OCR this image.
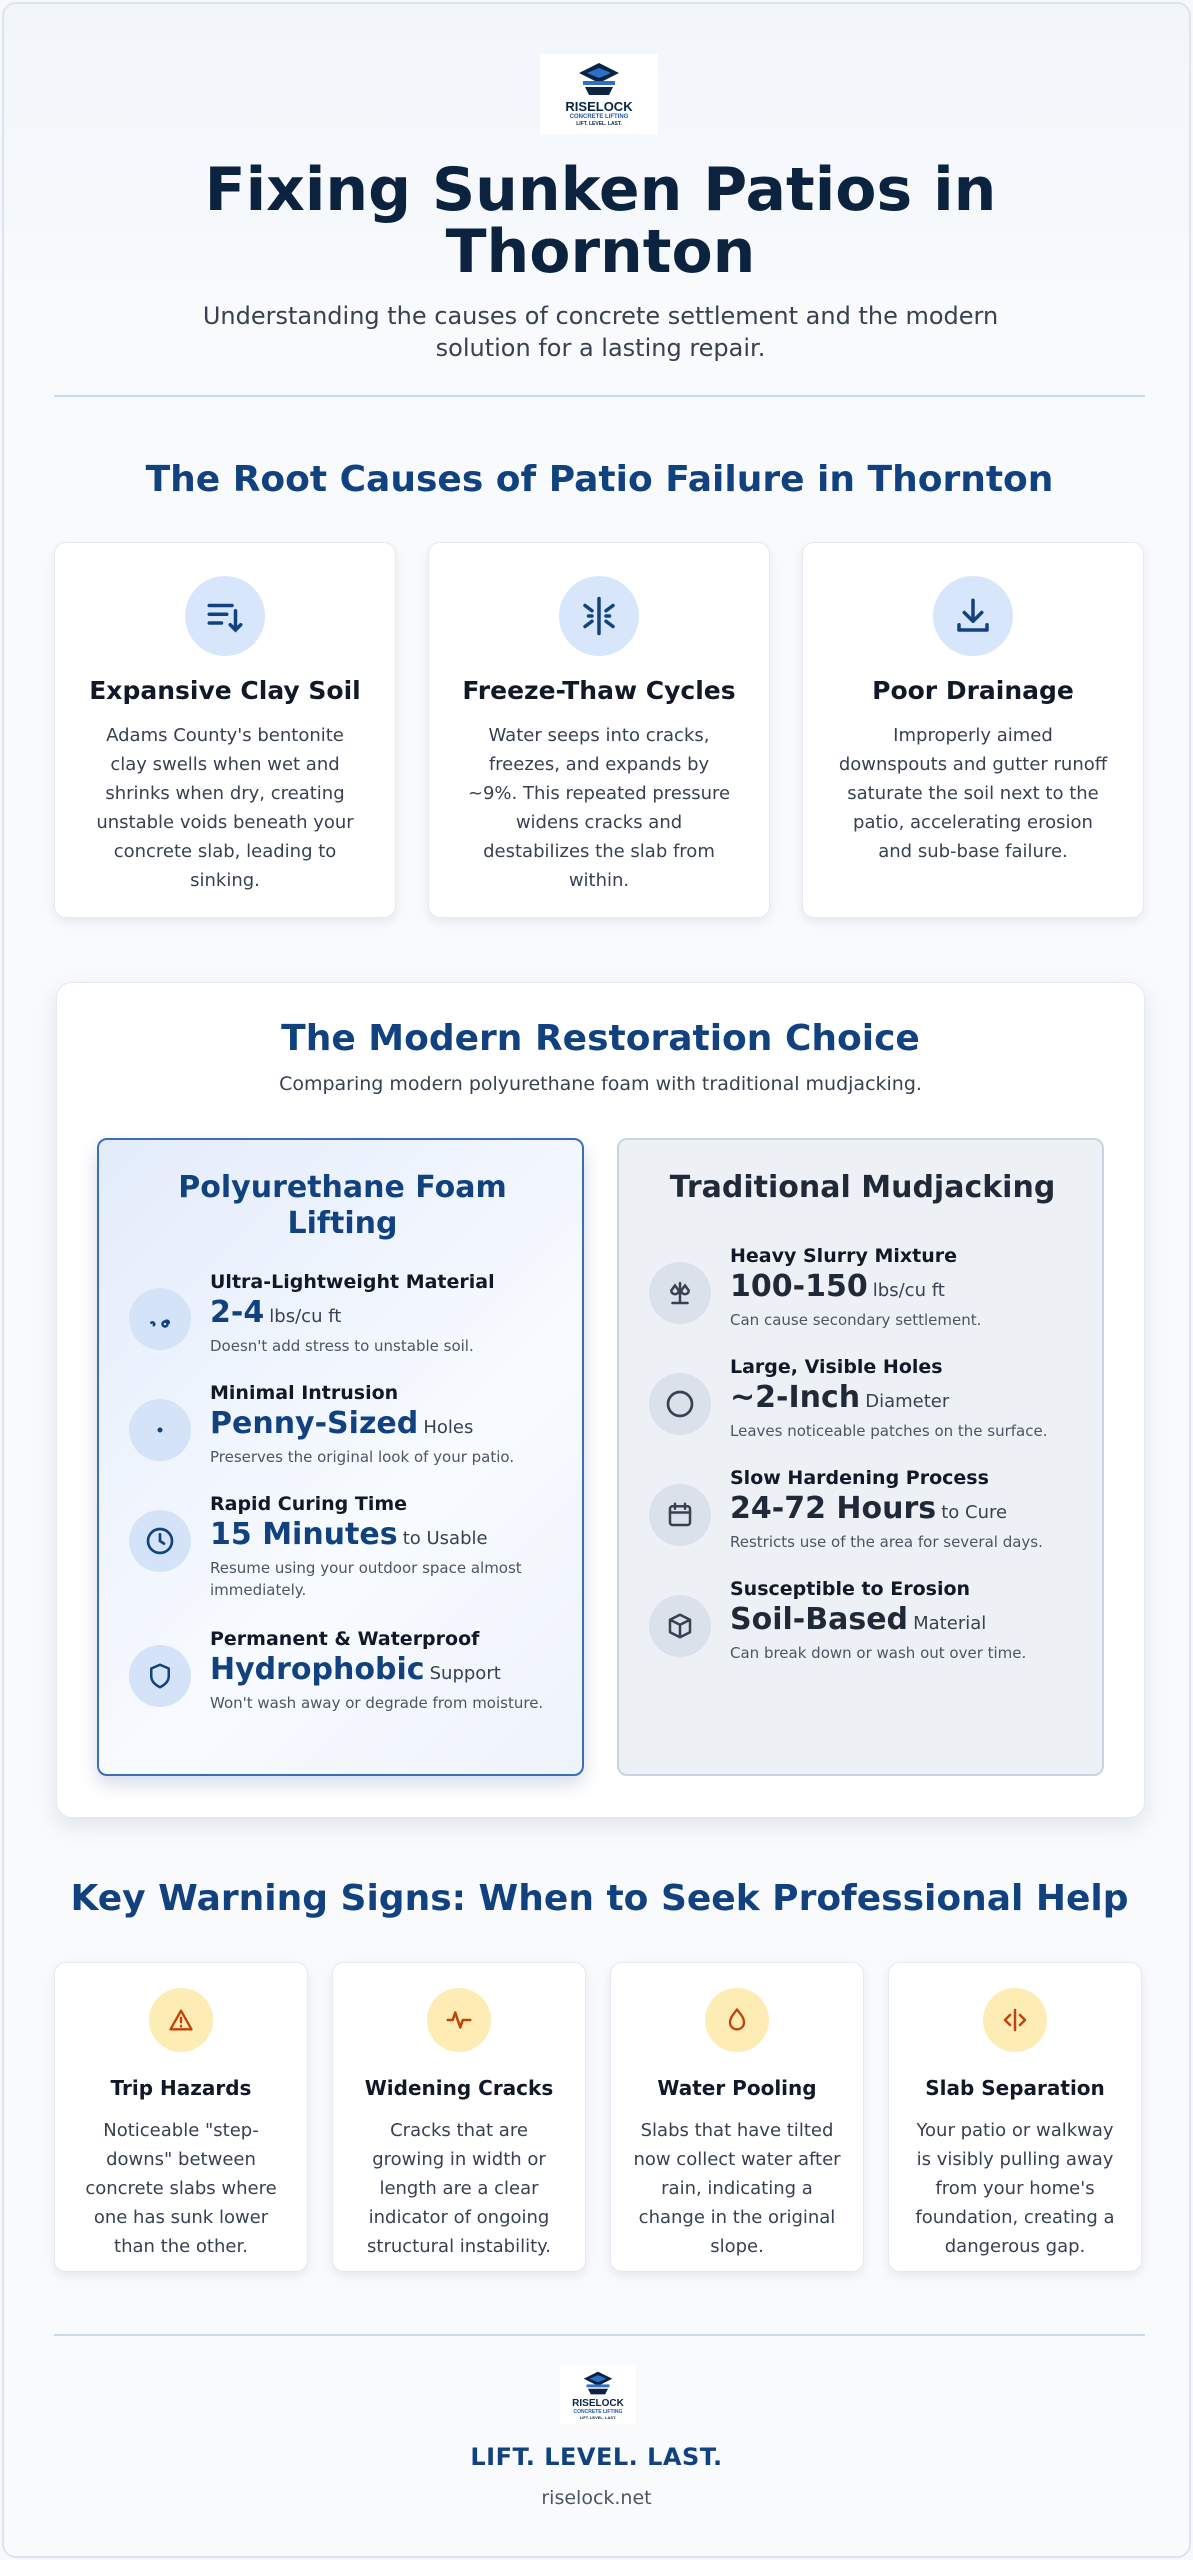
RISELOCK
CONCRETE LIFTING
LIFT. LEVEL. LAST.
Fixing Sunken Patios in Thornton
Understanding the causes of concrete settlement and the modern solution for a lasting repair.
The Root Causes of Patio Failure in Thornton
Expansive Clay Soil
Adams County's bentonite clay swells when wet and shrinks when dry, creating unstable voids beneath your concrete slab, leading to sinking.
Freeze-Thaw Cycles
Water seeps into cracks, freezes, and expands by ~9%. This repeated pressure widens cracks and destabilizes the slab from within.
Poor Drainage
Improperly aimed downspouts and gutter runoff saturate the soil next to the patio, accelerating erosion and sub-base failure.
The Modern Restoration Choice
Comparing modern polyurethane foam with traditional mudjacking.
Polyurethane Foam Lifting
Ultra-Lightweight Material
2-4 lbs/cu ft
Doesn't add stress to unstable soil.
Minimal Intrusion
Penny-Sized Holes
Preserves the original look of your patio.
Rapid Curing Time
15 Minutes to Usable
Resume using your outdoor space almost immediately.
Permanent & Waterproof
Hydrophobic Support
Won't wash away or degrade from moisture.
Traditional Mudjacking
Heavy Slurry Mixture
100-150 lbs/cu ft
Can cause secondary settlement.
Large, Visible Holes
~2-Inch Diameter
Leaves noticeable patches on the surface.
Slow Hardening Process
24-72 Hours to Cure
Restricts use of the area for several days.
Susceptible to Erosion
Soil-Based Material
Can break down or wash out over time.
Key Warning Signs: When to Seek Professional Help
Trip Hazards
Noticeable "step-downs" between concrete slabs where one has sunk lower than the other.
Widening Cracks
Cracks that are growing in width or length are a clear indicator of ongoing structural instability.
Water Pooling
Slabs that have tilted now collect water after rain, indicating a change in the original slope.
Slab Separation
Your patio or walkway is visibly pulling away from your home's foundation, creating a dangerous gap.
RISELOCK
CONCRETE LIFTING
LIFT. LEVEL. LAST.
LIFT. LEVEL. LAST.
riselock.net
